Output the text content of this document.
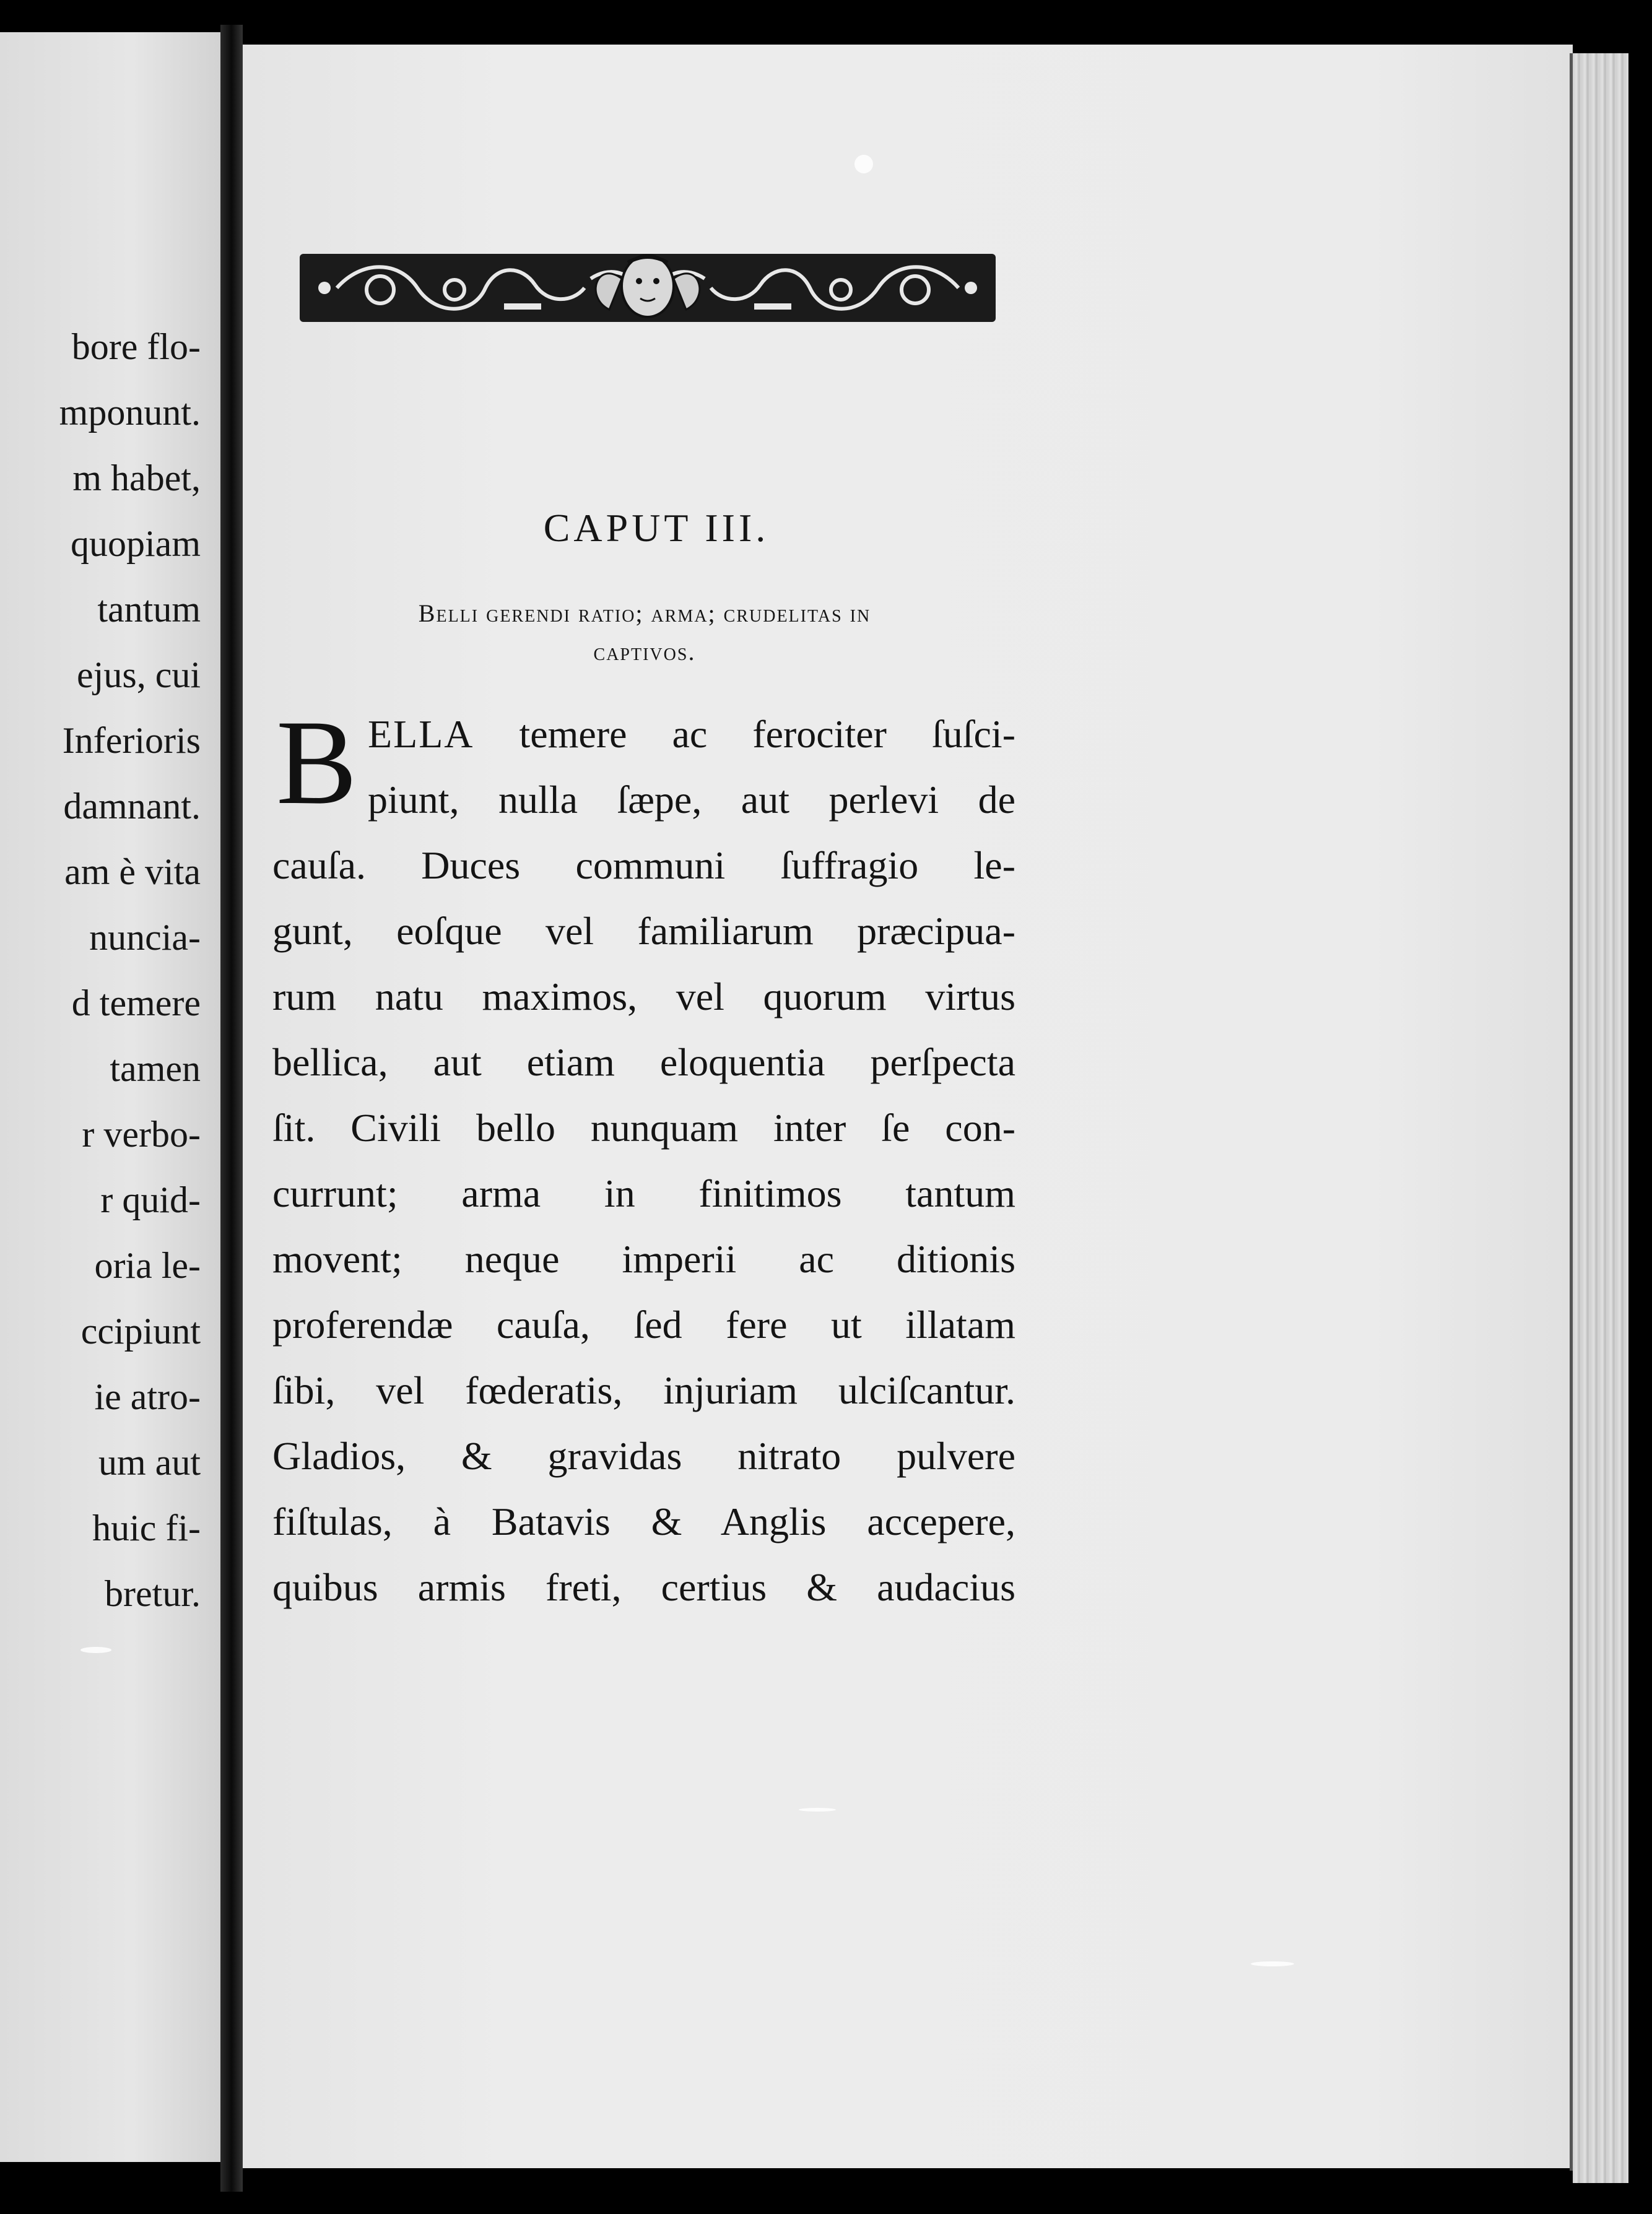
bore flo-
mponunt.
m habet,
quopiam
tantum
ejus, cui
Inferioris
damnant.
am è vita
nuncia-
d temere
tamen
r verbo-
r quid-
oria le-
ccipiunt
ie atro-
um aut
huic fi-
bretur.
CAPUT III.
Belli gerendi ratio; arma; crudelitas in
captivos.
B ELLA temere ac ferociter ſuſci-
piunt, nulla ſæpe, aut perlevi de
cauſa. Duces communi ſuffragio le-
gunt, eoſque vel familiarum præcipua-
rum natu maximos, vel quorum virtus
bellica, aut etiam eloquentia perſpecta
ſit. Civili bello nunquam inter ſe con-
currunt; arma in finitimos tantum
movent; neque imperii ac ditionis
proferendæ cauſa, ſed fere ut illatam
ſibi, vel fœderatis, injuriam ulciſcantur.
Gladios, & gravidas nitrato pulvere
fiſtulas, à Batavis & Anglis accepere,
quibus armis freti, certius & audacius
